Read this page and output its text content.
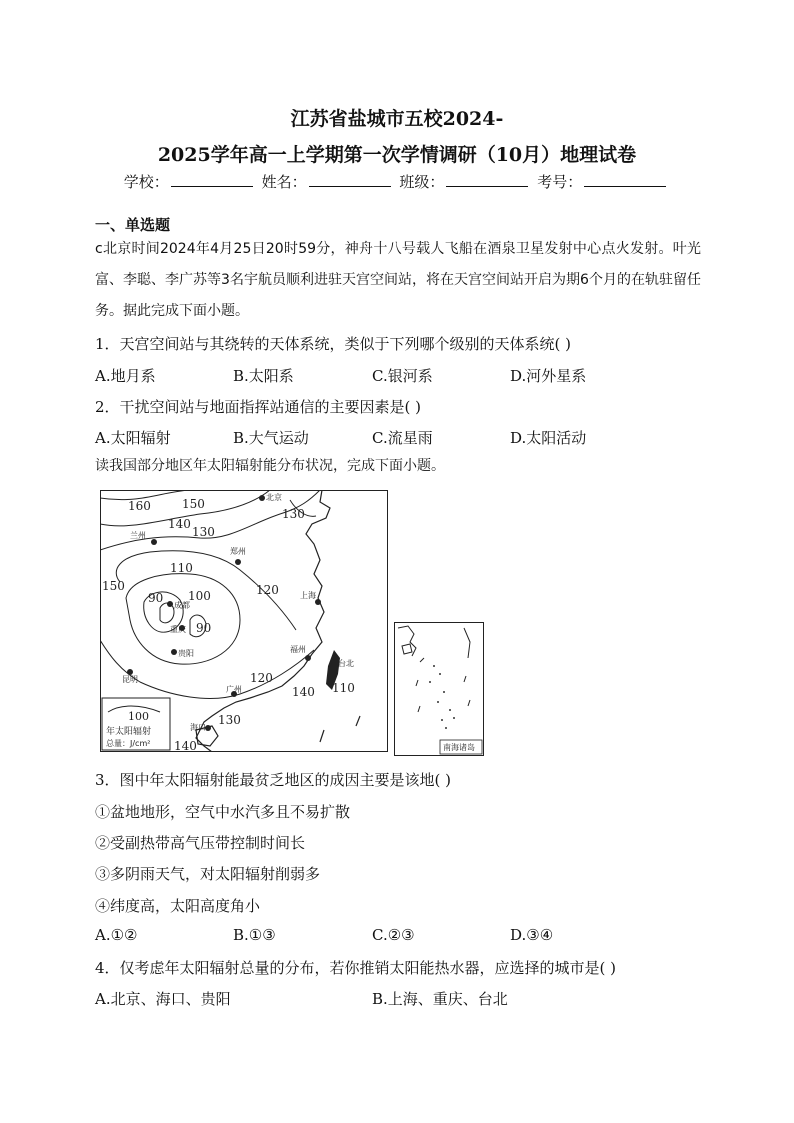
江苏省盐城市五校2024-
2025学年高一上学期第一次学情调研（10月）地理试卷
学校：	姓名：	班级：	考号：
一、单选题
c北京时间2024年4月25日20时59分，神舟十八号载人飞船在酒泉卫星发射中心点火发射。叶光富、李聪、李广苏等3名宇航员顺利进驻天宫空间站，将在天宫空间站开启为期6个月的在轨驻留任务。据此完成下面小题。
1．天宫空间站与其绕转的天体系统，类似于下列哪个级别的天体系统( )
A.地月系	B.太阳系	C.银河系	D.河外星系
2．干扰空间站与地面指挥站通信的主要因素是( )
A.太阳辐射	B.大气运动	C.流星雨	D.太阳活动
读我国部分地区年太阳辐射能分布状况，完成下面小题。
北京
兰州
郑州
上海
成都
重庆
贵阳	福州
台北
昆明
广州
海口
160	150
140
130
130
110
120
150
90 100
90
120
140 110
130
140
100
年太阳辐射
总量：J/cm²	南海诸岛
3．图中年太阳辐射能最贫乏地区的成因主要是该地( )
①盆地地形，空气中水汽多且不易扩散
②受副热带高气压带控制时间长
③多阴雨天气，对太阳辐射削弱多
④纬度高，太阳高度角小
A.①②	B.①③	C.②③	D.③④
4．仅考虑年太阳辐射总量的分布，若你推销太阳能热水器，应选择的城市是( )
A.北京、海口、贵阳	B.上海、重庆、台北
